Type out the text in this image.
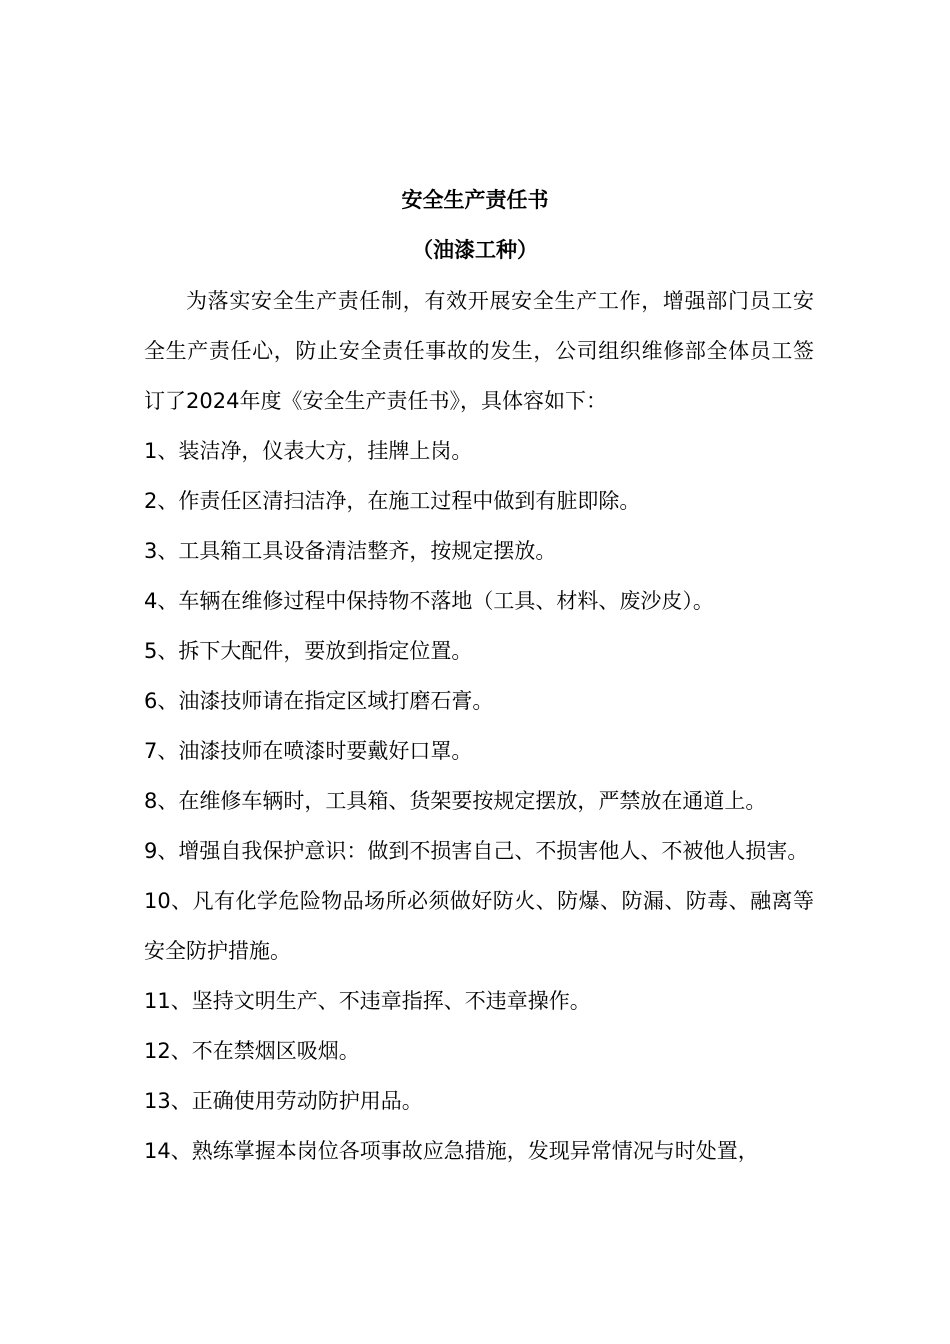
安全生产责任书
（油漆工种）

为落实安全生产责任制，有效开展安全生产工作，增强部门员工安全生产责任心，防止安全责任事故的发生，公司组织维修部全体员工签订了2024年度《安全生产责任书》，具体容如下：

1、装洁净，仪表大方，挂牌上岗。

2、作责任区清扫洁净，在施工过程中做到有脏即除。

3、工具箱工具设备清洁整齐，按规定摆放。

4、车辆在维修过程中保持物不落地（工具、材料、废沙皮）。

5、拆下大配件，要放到指定位置。

6、油漆技师请在指定区域打磨石膏。

7、油漆技师在喷漆时要戴好口罩。

8、在维修车辆时，工具箱、货架要按规定摆放，严禁放在通道上。

9、增强自我保护意识：做到不损害自己、不损害他人、不被他人损害。

10、凡有化学危险物品场所必须做好防火、防爆、防漏、防毒、融离等安全防护措施。

11、坚持文明生产、不违章指挥、不违章操作。

12、不在禁烟区吸烟。

13、正确使用劳动防护用品。

14、熟练掌握本岗位各项事故应急措施，发现异常情况与时处置，
